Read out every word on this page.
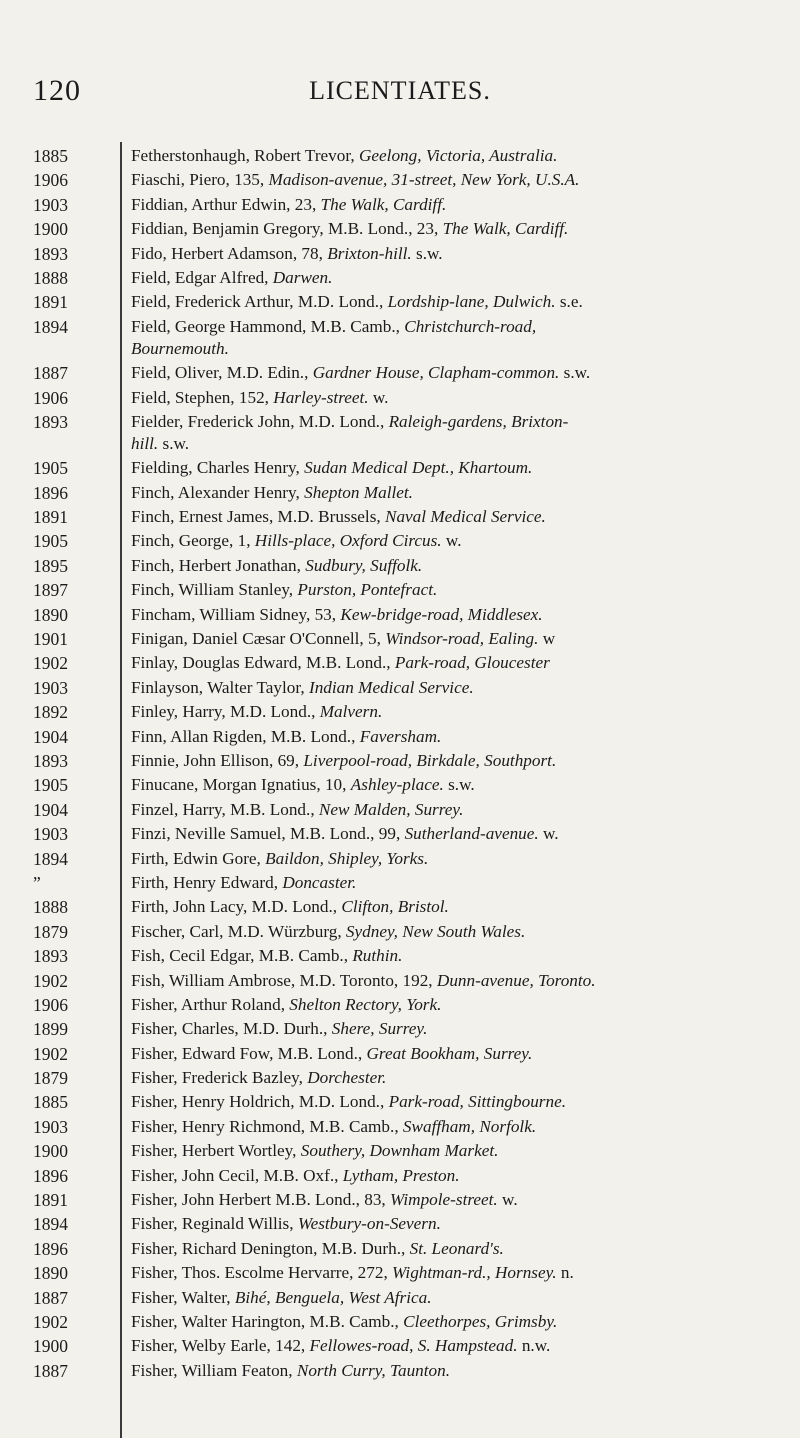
120	LICENTIATES.
1885	Fetherstonhaugh, Robert Trevor, Geelong, Victoria, Australia.
1906	Fiaschi, Piero, 135, Madison-avenue, 31-street, New York, U.S.A.
1903	Fiddian, Arthur Edwin, 23, The Walk, Cardiff.
1900	Fiddian, Benjamin Gregory, M.B. Lond., 23, The Walk, Cardiff.
1893	Fido, Herbert Adamson, 78, Brixton-hill. s.w.
1888	Field, Edgar Alfred, Darwen.
1891	Field, Frederick Arthur, M.D. Lond., Lordship-lane, Dulwich. s.e.
1894	Field, George Hammond, M.B. Camb., Christchurch-road,
Bournemouth.
1887	Field, Oliver, M.D. Edin., Gardner House, Clapham-common. s.w.
1906	Field, Stephen, 152, Harley-street. w.
1893	Fielder, Frederick John, M.D. Lond., Raleigh-gardens, Brixton-
hill. s.w.
1905	Fielding, Charles Henry, Sudan Medical Dept., Khartoum.
1896	Finch, Alexander Henry, Shepton Mallet.
1891	Finch, Ernest James, M.D. Brussels, Naval Medical Service.
1905	Finch, George, 1, Hills-place, Oxford Circus. w.
1895	Finch, Herbert Jonathan, Sudbury, Suffolk.
1897	Finch, William Stanley, Purston, Pontefract.
1890	Fincham, William Sidney, 53, Kew-bridge-road, Middlesex.
1901	Finigan, Daniel Cæsar O'Connell, 5, Windsor-road, Ealing. w
1902	Finlay, Douglas Edward, M.B. Lond., Park-road, Gloucester
1903	Finlayson, Walter Taylor, Indian Medical Service.
1892	Finley, Harry, M.D. Lond., Malvern.
1904	Finn, Allan Rigden, M.B. Lond., Faversham.
1893	Finnie, John Ellison, 69, Liverpool-road, Birkdale, Southport.
1905	Finucane, Morgan Ignatius, 10, Ashley-place. s.w.
1904	Finzel, Harry, M.B. Lond., New Malden, Surrey.
1903	Finzi, Neville Samuel, M.B. Lond., 99, Sutherland-avenue. w.
1894	Firth, Edwin Gore, Baildon, Shipley, Yorks.
”	Firth, Henry Edward, Doncaster.
1888	Firth, John Lacy, M.D. Lond., Clifton, Bristol.
1879	Fischer, Carl, M.D. Würzburg, Sydney, New South Wales.
1893	Fish, Cecil Edgar, M.B. Camb., Ruthin.
1902	Fish, William Ambrose, M.D. Toronto, 192, Dunn-avenue, Toronto.
1906	Fisher, Arthur Roland, Shelton Rectory, York.
1899	Fisher, Charles, M.D. Durh., Shere, Surrey.
1902	Fisher, Edward Fow, M.B. Lond., Great Bookham, Surrey.
1879	Fisher, Frederick Bazley, Dorchester.
1885	Fisher, Henry Holdrich, M.D. Lond., Park-road, Sittingbourne.
1903	Fisher, Henry Richmond, M.B. Camb., Swaffham, Norfolk.
1900	Fisher, Herbert Wortley, Southery, Downham Market.
1896	Fisher, John Cecil, M.B. Oxf., Lytham, Preston.
1891	Fisher, John Herbert M.B. Lond., 83, Wimpole-street. w.
1894	Fisher, Reginald Willis, Westbury-on-Severn.
1896	Fisher, Richard Denington, M.B. Durh., St. Leonard's.
1890	Fisher, Thos. Escolme Hervarre, 272, Wightman-rd., Hornsey. n.
1887	Fisher, Walter, Bihé, Benguela, West Africa.
1902	Fisher, Walter Harington, M.B. Camb., Cleethorpes, Grimsby.
1900	Fisher, Welby Earle, 142, Fellowes-road, S. Hampstead. n.w.
1887	Fisher, William Featon, North Curry, Taunton.
